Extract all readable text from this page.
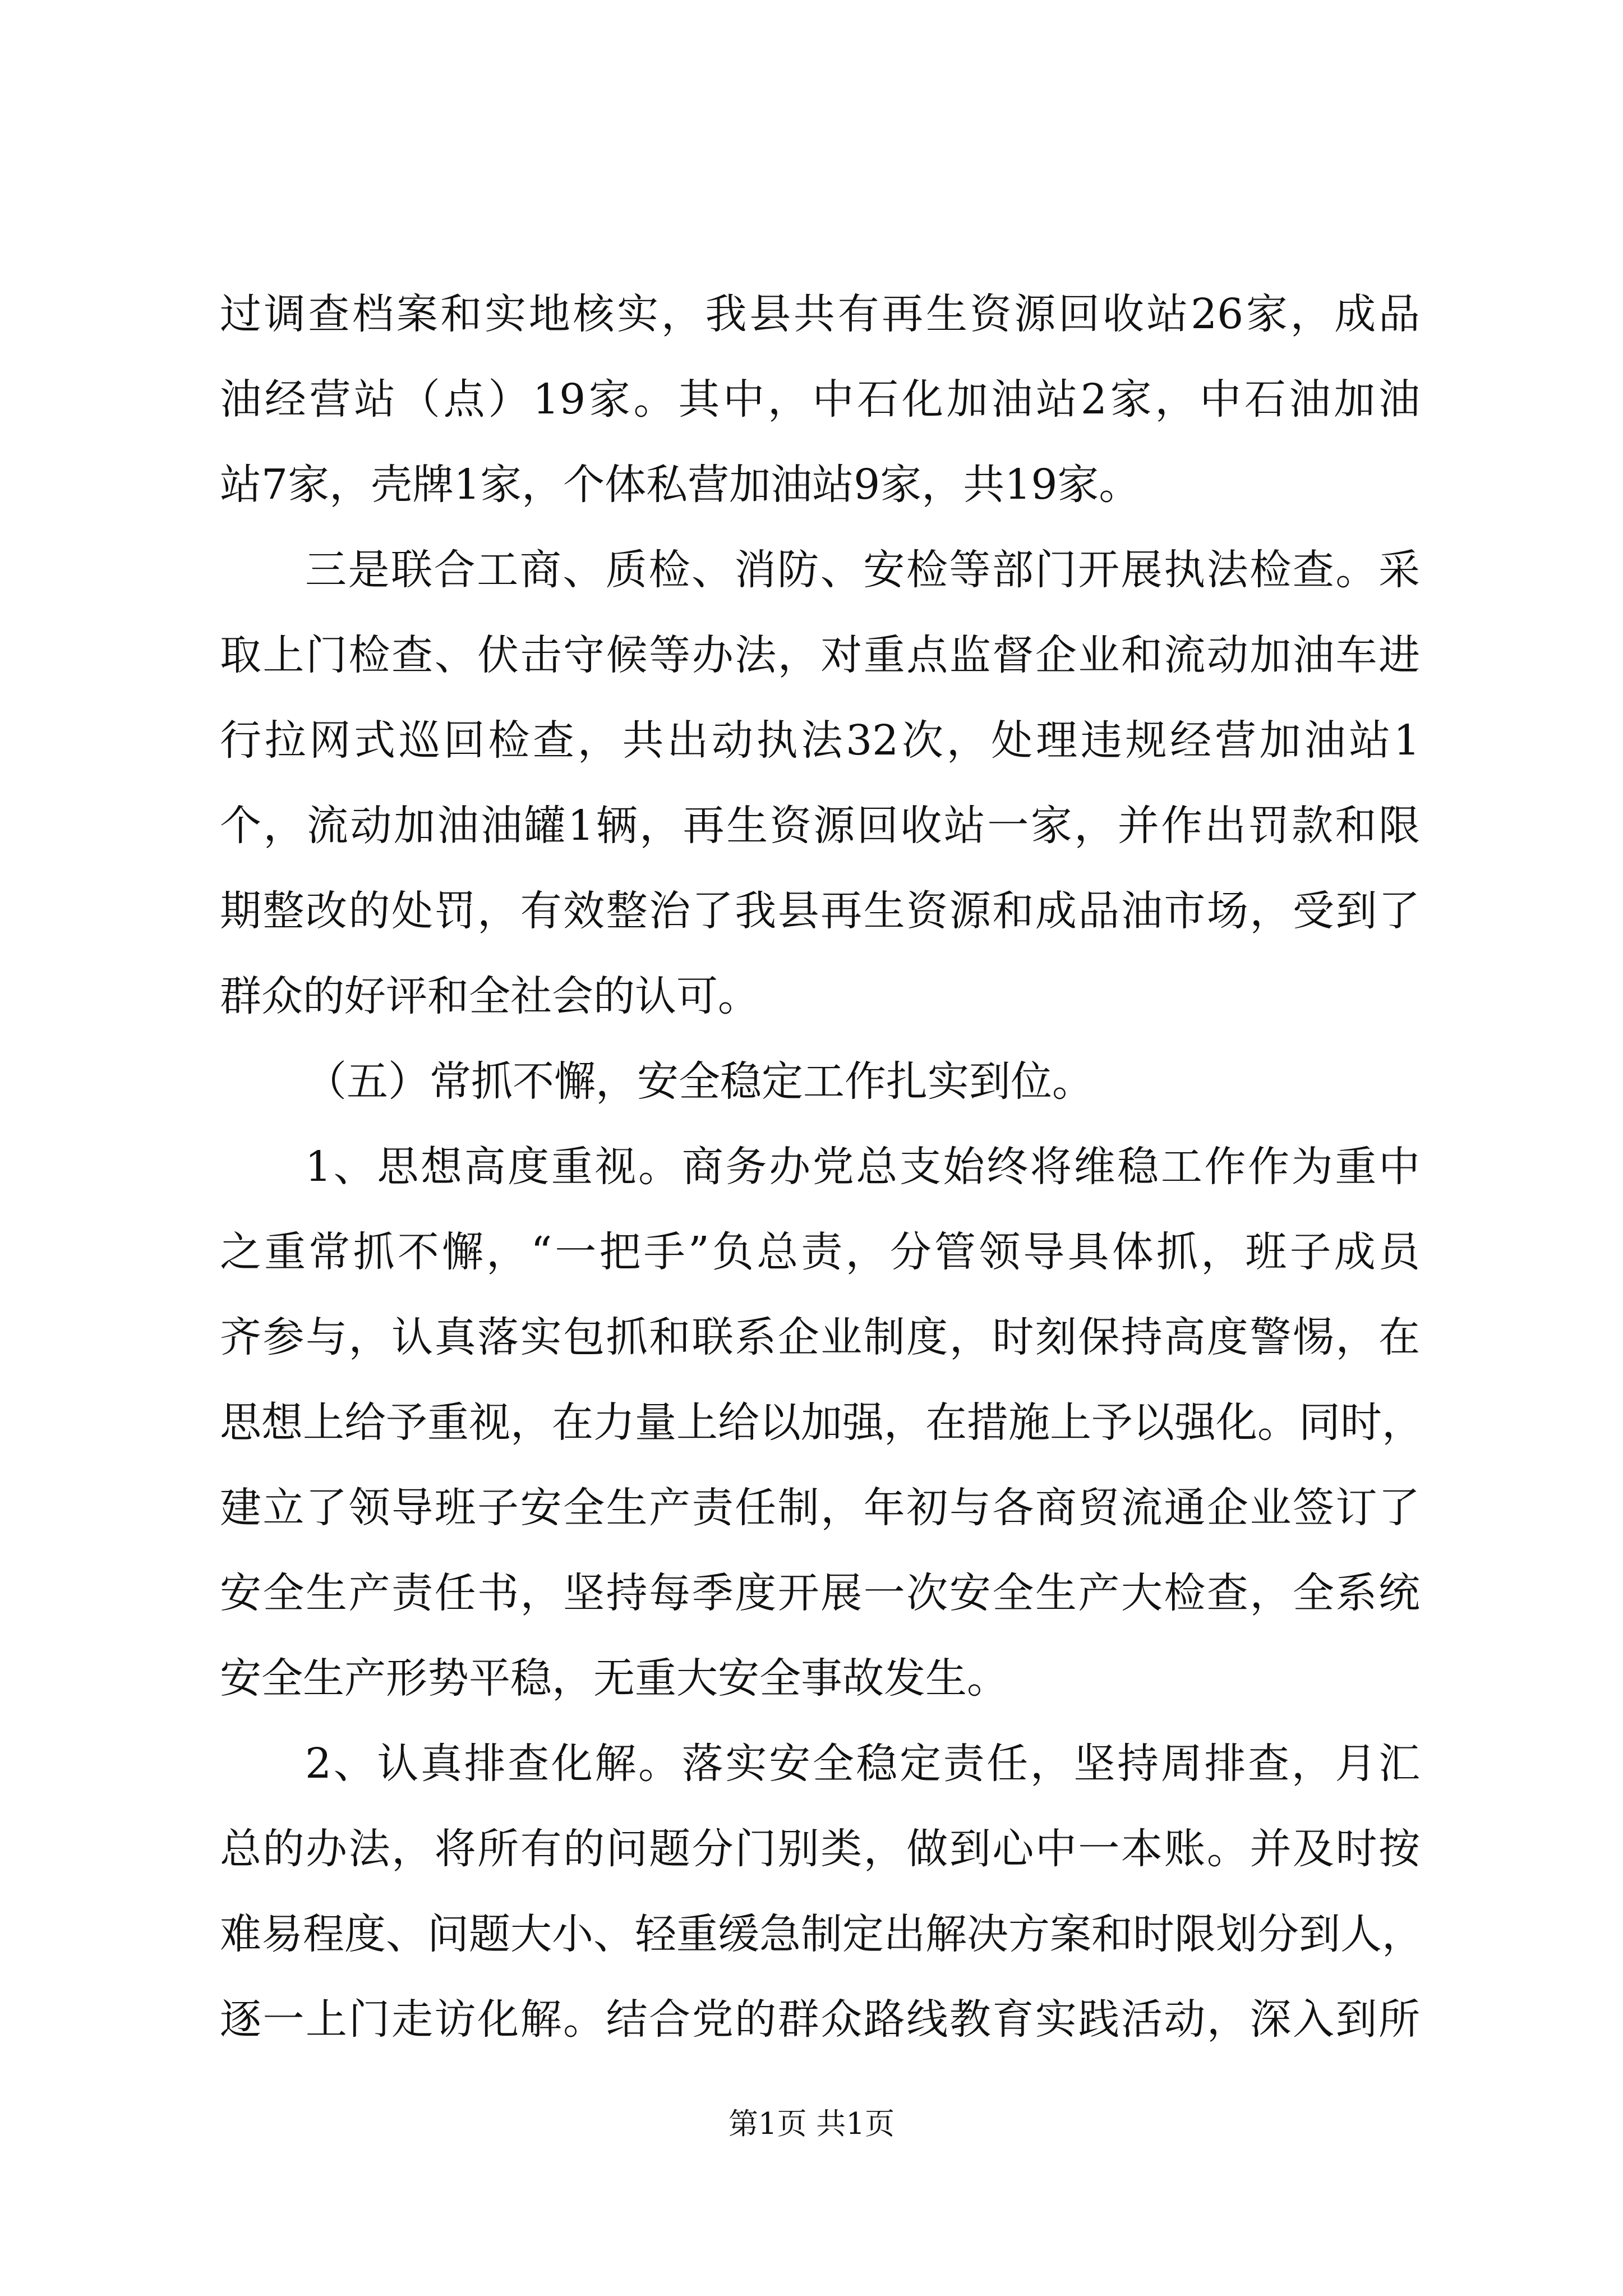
过调查档案和实地核实，我县共有再生资源回收站26家，成品
油经营站（点）19家。其中，中石化加油站2家，中石油加油
站7家，壳牌1家，个体私营加油站9家，共19家。
三是联合工商、质检、消防、安检等部门开展执法检查。采
取上门检查、伏击守候等办法，对重点监督企业和流动加油车进
行拉网式巡回检查，共出动执法32次，处理违规经营加油站1
个，流动加油油罐1辆，再生资源回收站一家，并作出罚款和限
期整改的处罚，有效整治了我县再生资源和成品油市场，受到了
群众的好评和全社会的认可。
（五）常抓不懈，安全稳定工作扎实到位。
1、思想高度重视。商务办党总支始终将维稳工作作为重中
之重常抓不懈，“一把手”负总责，分管领导具体抓，班子成员
齐参与，认真落实包抓和联系企业制度，时刻保持高度警惕，在
思想上给予重视，在力量上给以加强，在措施上予以强化。同时，
建立了领导班子安全生产责任制，年初与各商贸流通企业签订了
安全生产责任书，坚持每季度开展一次安全生产大检查，全系统
安全生产形势平稳，无重大安全事故发生。
2、认真排查化解。落实安全稳定责任，坚持周排查，月汇
总的办法，将所有的问题分门别类，做到心中一本账。并及时按
难易程度、问题大小、轻重缓急制定出解决方案和时限划分到人，
逐一上门走访化解。结合党的群众路线教育实践活动，深入到所
第1页 共1页
